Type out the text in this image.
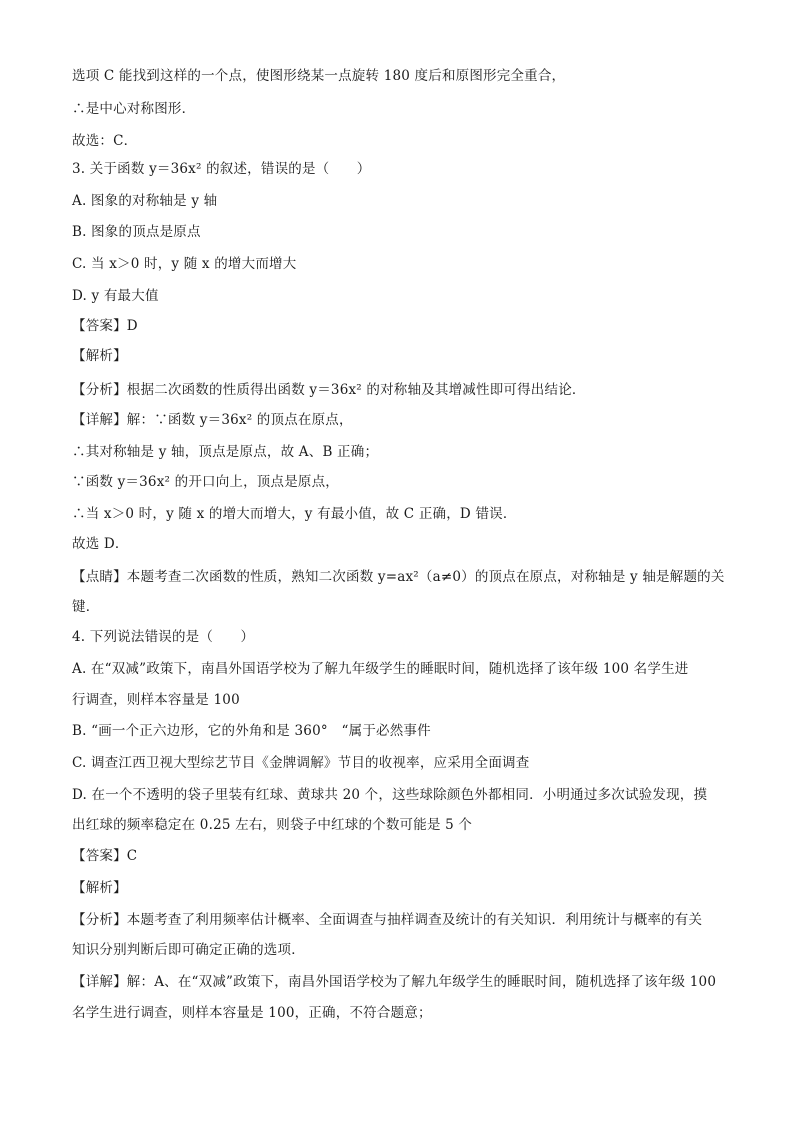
选项 C 能找到这样的一个点，使图形绕某一点旋转 180 度后和原图形完全重合，
∴是中心对称图形．
故选：C．
3. 关于函数 y＝36x² 的叙述，错误的是（　　）
A. 图象的对称轴是 y 轴
B. 图象的顶点是原点
C. 当 x＞0 时，y 随 x 的增大而增大
D. y 有最大值
【答案】D
【解析】
【分析】根据二次函数的性质得出函数 y＝36x² 的对称轴及其增减性即可得出结论．
【详解】解：∵函数 y＝36x² 的顶点在原点，
∴其对称轴是 y 轴，顶点是原点，故 A、B 正确；
∵函数 y＝36x² 的开口向上，顶点是原点，
∴当 x＞0 时，y 随 x 的增大而增大，y 有最小值，故 C 正确，D 错误．
故选 D．
【点睛】本题考查二次函数的性质，熟知二次函数 y=ax²（a≠0）的顶点在原点，对称轴是 y 轴是解题的关
键．
4. 下列说法错误的是（　　）
A. 在“双减”政策下，南昌外国语学校为了解九年级学生的睡眠时间，随机选择了该年级 100 名学生进
行调查，则样本容量是 100
B. “画一个正六边形，它的外角和是 360°　“属于必然事件
C. 调查江西卫视大型综艺节目《金牌调解》节目的收视率，应采用全面调查
D. 在一个不透明的袋子里装有红球、黄球共 20 个，这些球除颜色外都相同．小明通过多次试验发现，摸
出红球的频率稳定在 0.25 左右，则袋子中红球的个数可能是 5 个
【答案】C
【解析】
【分析】本题考查了利用频率估计概率、全面调查与抽样调查及统计的有关知识．利用统计与概率的有关
知识分别判断后即可确定正确的选项．
【详解】解：A、在“双减”政策下，南昌外国语学校为了解九年级学生的睡眠时间，随机选择了该年级 100
名学生进行调查，则样本容量是 100，正确，不符合题意；
